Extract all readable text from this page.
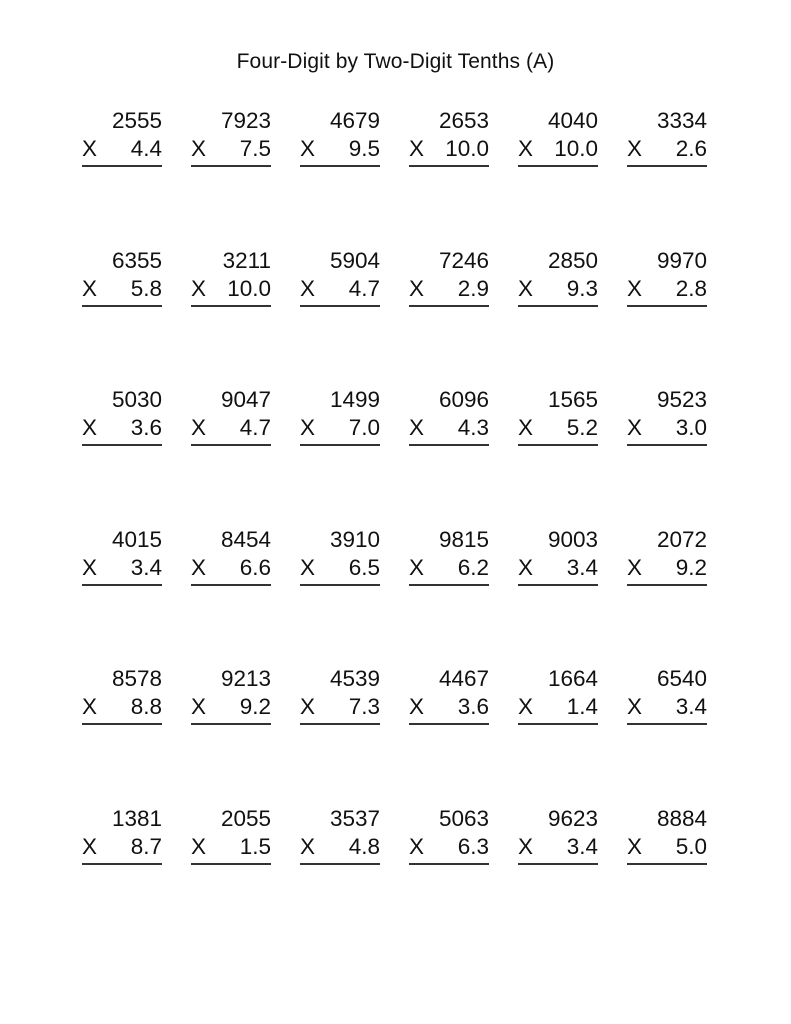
Four-Digit by Two-Digit Tenths (A)
2555
X 4.4
7923
X 7.5
4679
X 9.5
2653
X 10.0
4040
X 10.0
3334
X 2.6
6355
X 5.8
3211
X 10.0
5904
X 4.7
7246
X 2.9
2850
X 9.3
9970
X 2.8
5030
X 3.6
9047
X 4.7
1499
X 7.0
6096
X 4.3
1565
X 5.2
9523
X 3.0
4015
X 3.4
8454
X 6.6
3910
X 6.5
9815
X 6.2
9003
X 3.4
2072
X 9.2
8578
X 8.8
9213
X 9.2
4539
X 7.3
4467
X 3.6
1664
X 1.4
6540
X 3.4
1381
X 8.7
2055
X 1.5
3537
X 4.8
5063
X 6.3
9623
X 3.4
8884
X 5.0
